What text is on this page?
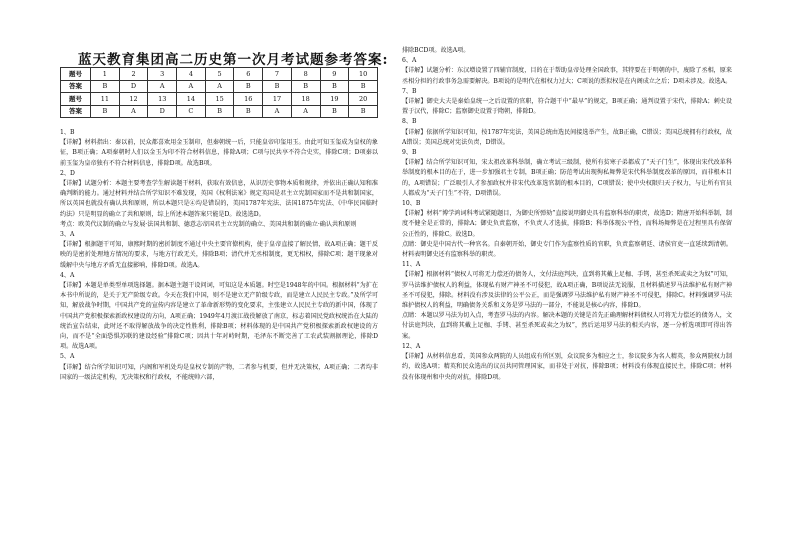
蓝天教育集团高二历史第一次月考试题参考答案:
题号	1	2	3	4	5	6	7	8	9	10
答案	B	D	A	A	A	B	B	B	B	B
题号	11	12	13	14	15	16	17	18	19	20
答案	B	A	D	C	B	B	A	A	B	B

1、B

【详解】材料指出：秦以前，民众都喜欢用金玉制印，但秦朝统一后，只能皇帝印玺用玉。由此可知玉玺成为皇权的象征，B项正确；A项秦朝时人们以金玉为印不符合材料信息，排除A项；C项与民共享不符合史实，排除C项；D项秦以前玉玺为皇帝独有不符合材料信息，排除D项。故选B项。

2、D

【详解】试题分析：本题主要考查学生解读题干材料，获取有效信息，从识历史事物本质和规律，并依出正确认知和准确判断的能力。通过材料并结合所学知识不难发现，英国《权利法案》规定英国是君主立宪制国家而不是共和制国家，所以英国也就没有确认共和原则，所以本题只是④均是错误的，美国1787年宪法、法国1875年宪法、《中华民国临时约法》只是明显的确立了共和原则，综上所述本题答案只能是D。故选选D。

考点：欧美代议制的确立与发展·法国共和制、德意志帝国君主立宪制的确立、美国共和制的确立·确认共和原则

3、A

【详解】根据题干可知，康熙时期的密折制度不通过中央主要官僚机构，使于皇帝直接了解民情，故A项正确；题干反映的是密折处理地方情况的要求，与地方行政无关，排除B项；清代并无丞相制度，更无相权，排除C项；题干现象对缓解中央与地方矛盾无直接影响，排除D项。故选A。

4、A

【详解】本题是单类型单项选择题。据本题主题干设问词，可知这是本质题。时空是1948年的中国。根据材料“为扩在本书中所说的，是关于无产阶级专政。今天在我们中国，则不是建立无产阶级专政，而是建立人民民主专政。”及所学可知，解放战争时期，中国共产党的宣传内容是建立了革命新形势的变化要求，主张建立人民民主专政的新中国，体现了中国共产党积极探索新政权建设的方向，A项正确；1949年4月渡江战役解放了南京，标志着国民党政权统治在大陆的统治宣告结束，此时还不取得解放战争的决定性胜利，排除B项；材料体现的是中国共产党积极探索新政权建设的方向，而不是“全面恐惧苏联的建设经验”排除C项；因共十年对峙时期，毛泽东不断完善了工农武装割据理论，排除D项。故选A项。

5、A

【详解】结合所学知识可知，内阁和军机处均是皇权专制的产物，二者参与机要，但并无决策权，A项正确；二者均非国家的一级法定机构，无决策权和行政权，不能统帅六部，

排除BCD项。故选A项。

6、A

【详解】试题分析：东汉增设置了四辅宫制度，目的在于帮助皇帝处理全国政事，其特要在于明朝的中，废除了丞相，原来丞相分担的行政事务急需要解决。B项说的是明代在相权力过大；C项说的票拟权是在内阁成立之后；D项未涉及。故选A。

7、B

【详解】御史大夫是秦始皇统一之后设置的官职，符合题干中“最早”的规定，B项正确；通判设置于宋代，排除A；刺史设置于汉代，排除C；监察御史设置于隋朝，排除D。

8、B

【详解】依据所学知识可知，按1787年宪法，美国总统由选民间接选举产生，故B正确，C错误；美国总统拥有行政权，故A错误；美国总统对宪法负责，D错误。

9、B

【详解】结合所学知识可知，宋太祖改革科举制，确立考试三级制，使所有贫寒子弟都成了“天子门生”，体现出宋代改革科举制度的根本目的在于，进一步加强君主专制，B项正确；防范考试出现徇私舞弊是宋代科举制度改革的原因，而非根本目的，A项错误；广泛吸引人才参加政权并非宋代改革选官制的根本目的，C项错误；使中央权限归天子权力，与让所有官员人都成为“天子门生”不符，D项错误。

10、B

【详解】材料“博学鸿词科考试紧随题目，为御史所弹劾”直接说明御史具有监察科举的职责，故选D；隋唐开始科举制，制度不健全是正常的，排除A；御史负责监察，不负责人才选拔，排除B；科举体现公平性，而科场舞弊是在过程里具有保留公正性的，排除C。故选D。

点睛：御史是中国古代一种官名。自秦朝开始，御史专门作为监察性质的官职，负责监察朝廷、诸侯官吏一直延续到清朝。材料表明御史还有监察科举的职责。

11、A

【详解】根据材料“债权人可将无力偿还的债务人，文付法庭判决，直到将其戴上足枷、手铐，甚至杀死或卖之为奴”可知，罗马法维护债权人的利益，体现私有财产神圣不可侵犯，故A项正确，B项说法无说服，且材料描述罗马法维护私有财产神圣不可侵犯，排除。材料没有涉及法律的公平公正，而是强调罗马法维护私有财产神圣不可侵犯，排除C。材料强调罗马法维护债权人的利益，明确债务关系和义务是罗马法的一部分，不能说是核心内容，排除D。

点睛：本题以罗马法为切入点，考查罗马法的内容。解决本题的关键是首先正确理解材料债权人可将无力偿还的债务人，文付法庭判决，直到将其戴上足枷、手铐、甚至杀死或卖之为奴”，然后运用罗马法的相关内容，逐一分析选项即可得出答案。

12、A

【详解】从材料信息看，美国参众两院的人员组成有所区别，众议院多为相应之士，参议院多为名人精英，参众两院权力制约，故选A项；精英和民众选出的议员共同管理国家，而非处于对抗，排除B项；材料没有体现直接民主，排除C项；材料没有体现州和中央的对抗，排除D项。
